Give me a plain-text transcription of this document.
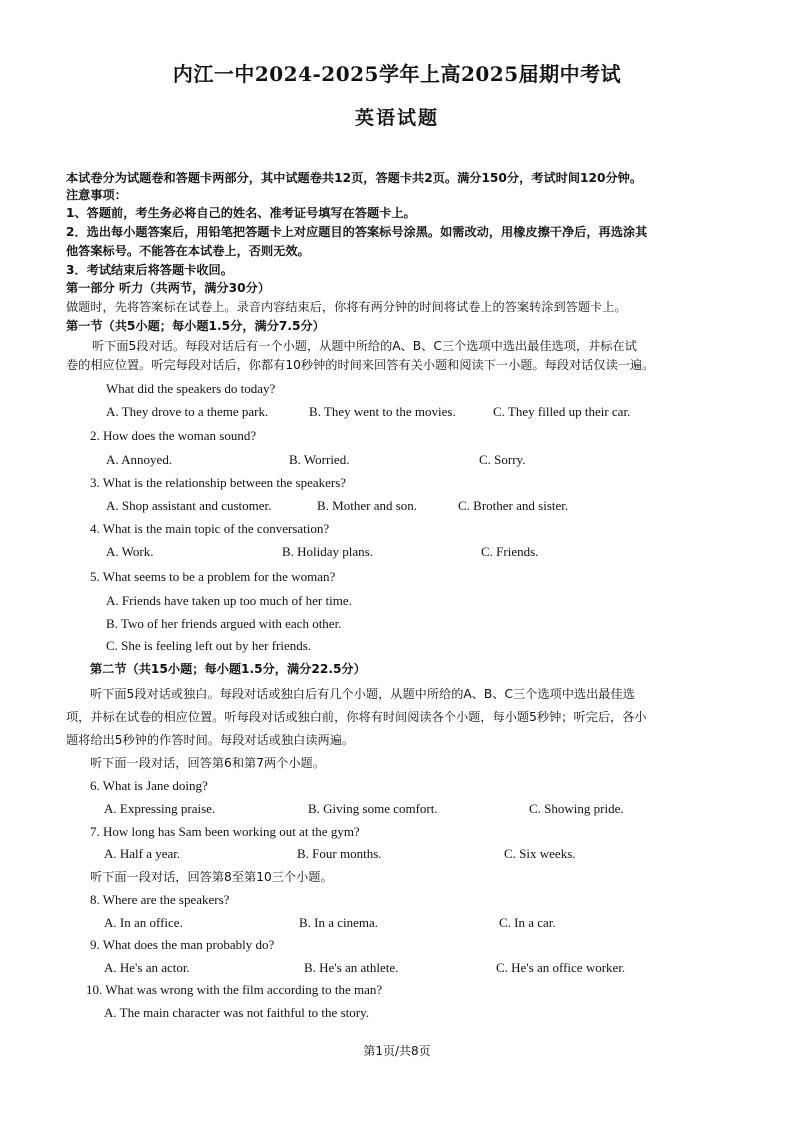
内江一中2024-2025学年上高2025届期中考试
英语试题
本试卷分为试题卷和答题卡两部分，其中试题卷共12页，答题卡共2页。满分150分，考试时间120分钟。
注意事项：
1、答题前，考生务必将自己的姓名、准考证号填写在答题卡上。
2．选出每小题答案后，用铅笔把答题卡上对应题目的答案标号涂黑。如需改动，用橡皮擦干净后，再选涂其
他答案标号。不能答在本试卷上，否则无效。
3．考试结束后将答题卡收回。
第一部分 听力（共两节，满分30分）
做题时，先将答案标在试卷上。录音内容结束后，你将有两分钟的时间将试卷上的答案转涂到答题卡上。
第一节（共5小题；每小题1.5分，满分7.5分）
听下面5段对话。每段对话后有一个小题，从题中所给的A、B、C三个选项中选出最佳选项，并标在试
卷的相应位置。听完每段对话后，你都有10秒钟的时间来回答有关小题和阅读下一小题。每段对话仅读一遍。
What did the speakers do today?
A. They drove to a theme park.	B. They went to the movies.	C. They filled up their car.
2. How does the woman sound?
A. Annoyed.	B. Worried.	C. Sorry.
3. What is the relationship between the speakers?
A. Shop assistant and customer.	B. Mother and son.	C. Brother and sister.
4. What is the main topic of the conversation?
A. Work.	B. Holiday plans.	C. Friends.
5. What seems to be a problem for the woman?
A. Friends have taken up too much of her time.
B. Two of her friends argued with each other.
C. She is feeling left out by her friends.
第二节（共15小题；每小题1.5分，满分22.5分）
听下面5段对话或独白。每段对话或独白后有几个小题，从题中所给的A、B、C三个选项中选出最佳选
项，并标在试卷的相应位置。听每段对话或独白前，你将有时间阅读各个小题，每小题5秒钟；听完后，各小
题将给出5秒钟的作答时间。每段对话或独白读两遍。
听下面一段对话，回答第6和第7两个小题。
6. What is Jane doing?
A. Expressing praise.	B. Giving some comfort.	C. Showing pride.
7. How long has Sam been working out at the gym?
A. Half a year.	B. Four months.	C. Six weeks.
听下面一段对话，回答第8至第10三个小题。
8. Where are the speakers?
A. In an office.	B. In a cinema.	C. In a car.
9. What does the man probably do?
A. He's an actor.	B. He's an athlete.	C. He's an office worker.
10. What was wrong with the film according to the man?
A. The main character was not faithful to the story.
第1页/共8页
